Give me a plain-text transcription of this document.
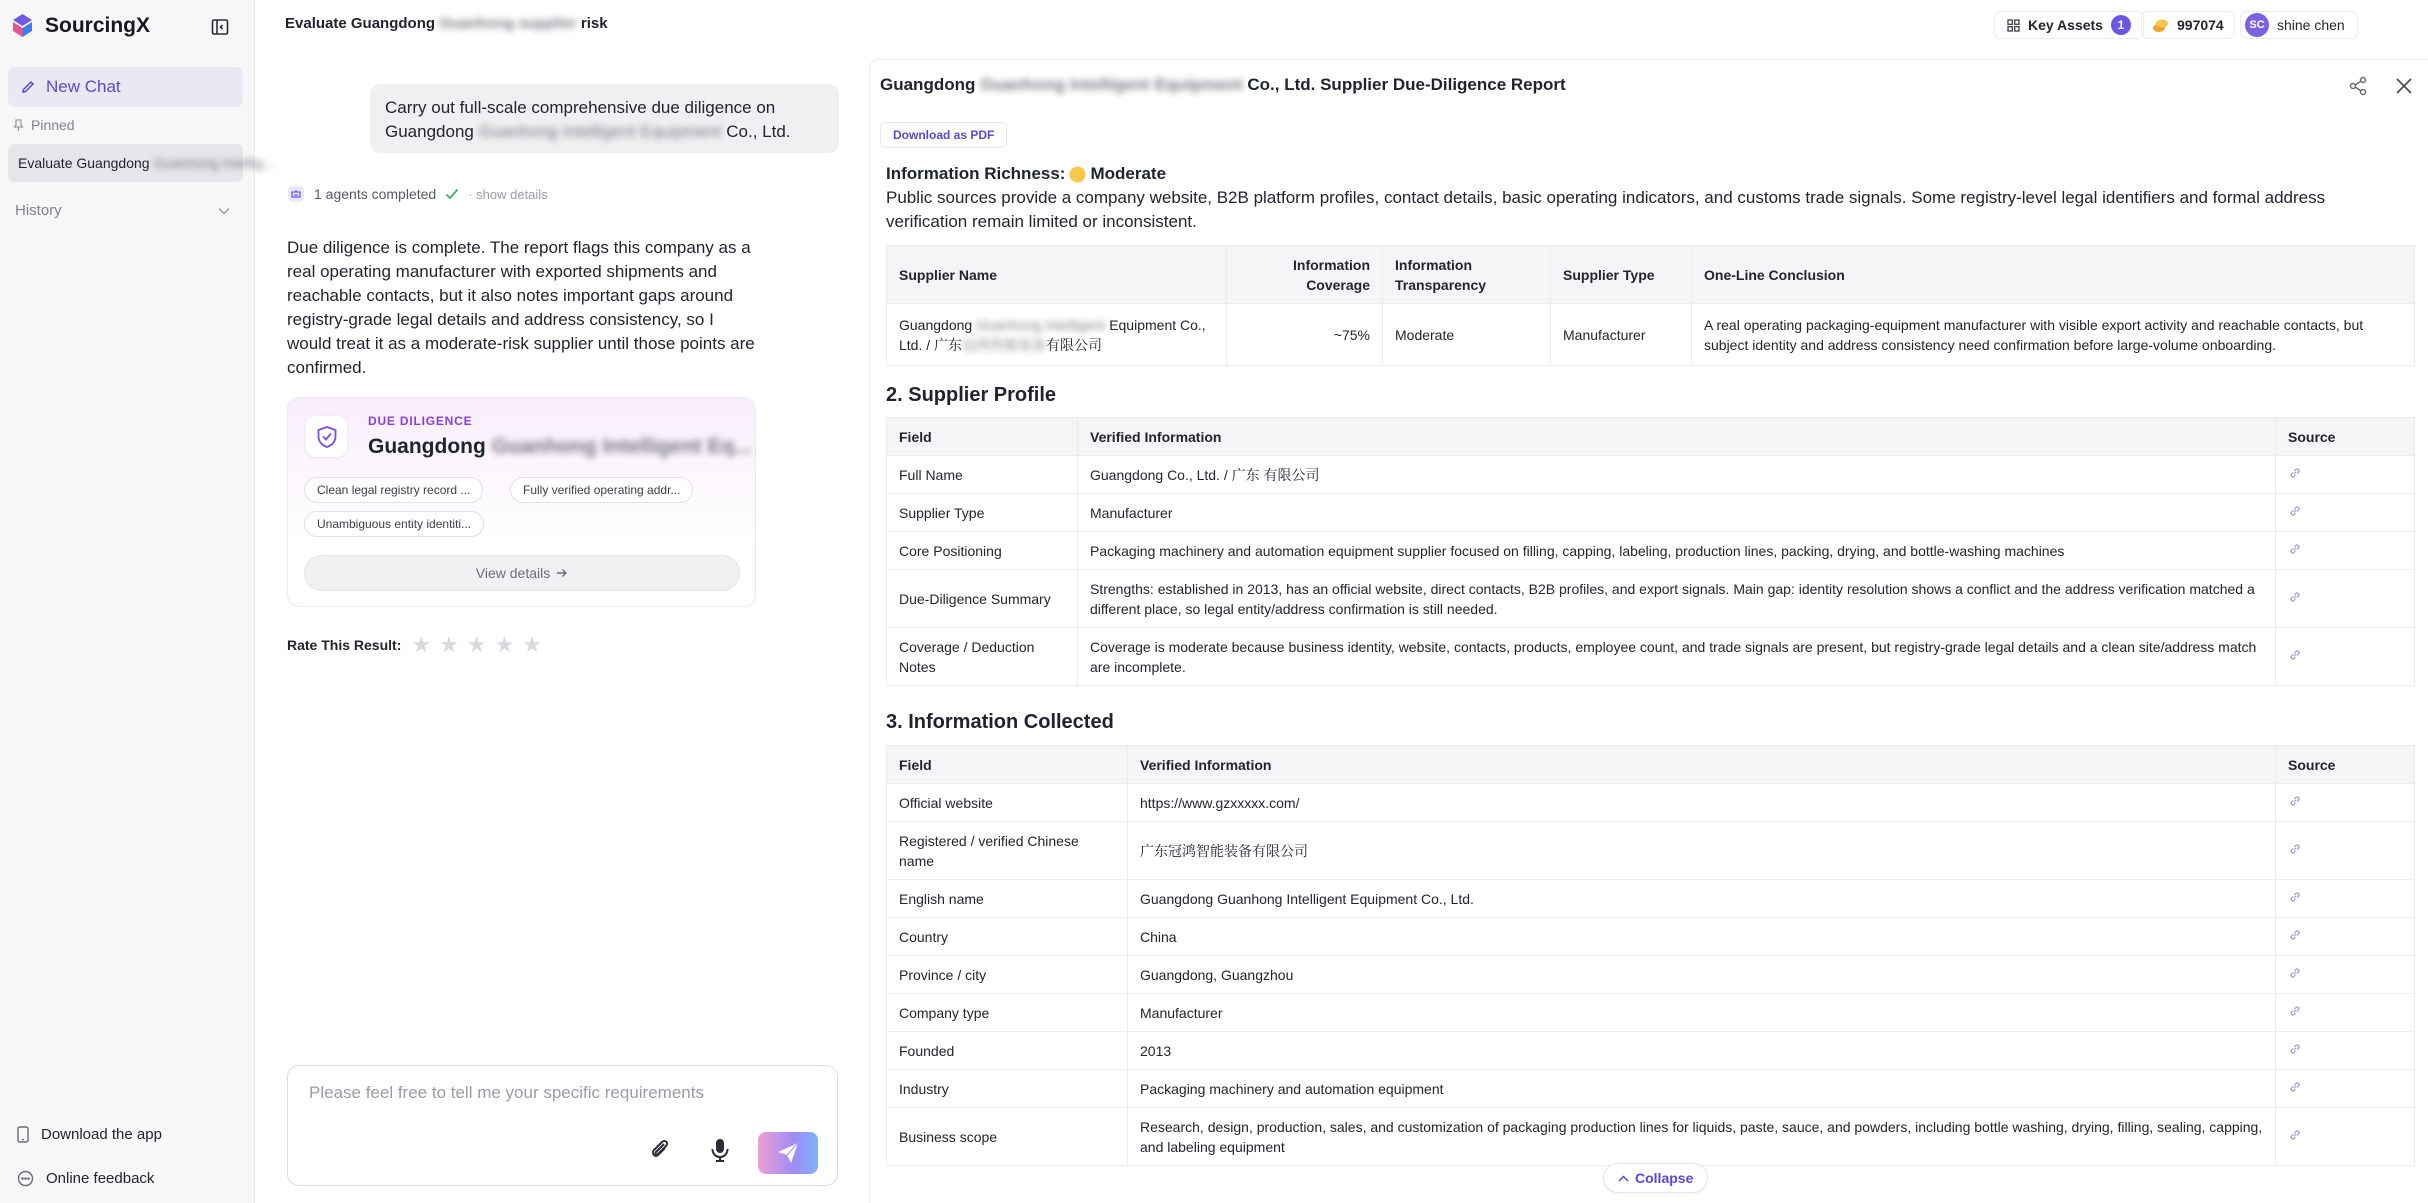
SourcingX
New Chat
Pinned
Evaluate Guangdong
Guanhong Intellig...
History
Download the app
Online feedback
Evaluate Guangdong Guanhong supplier risk	Key Assets	1	997074	SC shine chen
Carry out full-scale comprehensive due diligence on
Guangdong Guanhong Intelligent Equipment Co., Ltd.
1 agents completed · show details
Due diligence is complete. The report flags this company as a real operating manufacturer with exported shipments and reachable contacts, but it also notes important gaps around registry-grade legal details and address consistency, so I would treat it as a moderate-risk supplier until those points are confirmed.
DUE DILIGENCE
Guangdong Guanhong Intelligent Eq...
Clean legal registry record ...	Fully verified operating addr...
Unambiguous entity identiti...
View details
Rate This Result: ★ ★ ★ ★ ★
Please feel free to tell me your specific requirements
Guangdong Guanhong Intelligent Equipment Co., Ltd. Supplier Due-Diligence Report
Download as PDF
Information Richness: Moderate
Public sources provide a company website, B2B platform profiles, contact details, basic operating indicators, and customs trade signals. Some registry-level legal identifiers and formal address verification remain limited or inconsistent.
Supplier Name	Information Coverage	Information Transparency	Supplier Type	One-Line Conclusion
Guangdong Guanhong Intelligent Equipment Co., Ltd. / 广东冠鸿智能装备有限公司	~75%	Moderate	Manufacturer	A real operating packaging-equipment manufacturer with visible export activity and reachable contacts, but subject identity and address consistency need confirmation before large-volume onboarding.
2. Supplier Profile
Field	Verified Information	Source
Full Name	Guangdong Co., Ltd. / 广东 有限公司	
Supplier Type	Manufacturer	
Core Positioning	Packaging machinery and automation equipment supplier focused on filling, capping, labeling, production lines, packing, drying, and bottle-washing machines	
Due-Diligence Summary	Strengths: established in 2013, has an official website, direct contacts, B2B profiles, and export signals. Main gap: identity resolution shows a conflict and the address verification matched a different place, so legal entity/address confirmation is still needed.	
Coverage / Deduction Notes	Coverage is moderate because business identity, website, contacts, products, employee count, and trade signals are present, but registry-grade legal details and a clean site/address match are incomplete.	
3. Information Collected
Field	Verified Information	Source
Official website	https://www.gzxxxxx.com/	
Registered / verified Chinese name	广东冠鸿智能装备有限公司	
English name	Guangdong Guanhong Intelligent Equipment Co., Ltd.	
Country	China	
Province / city	Guangdong, Guangzhou	
Company type	Manufacturer	
Founded	2013	
Industry	Packaging machinery and automation equipment	
Business scope	Research, design, production, sales, and customization of packaging production lines for liquids, paste, sauce, and powders, including bottle washing, drying, filling, sealing, capping, and labeling equipment	
Collapse
